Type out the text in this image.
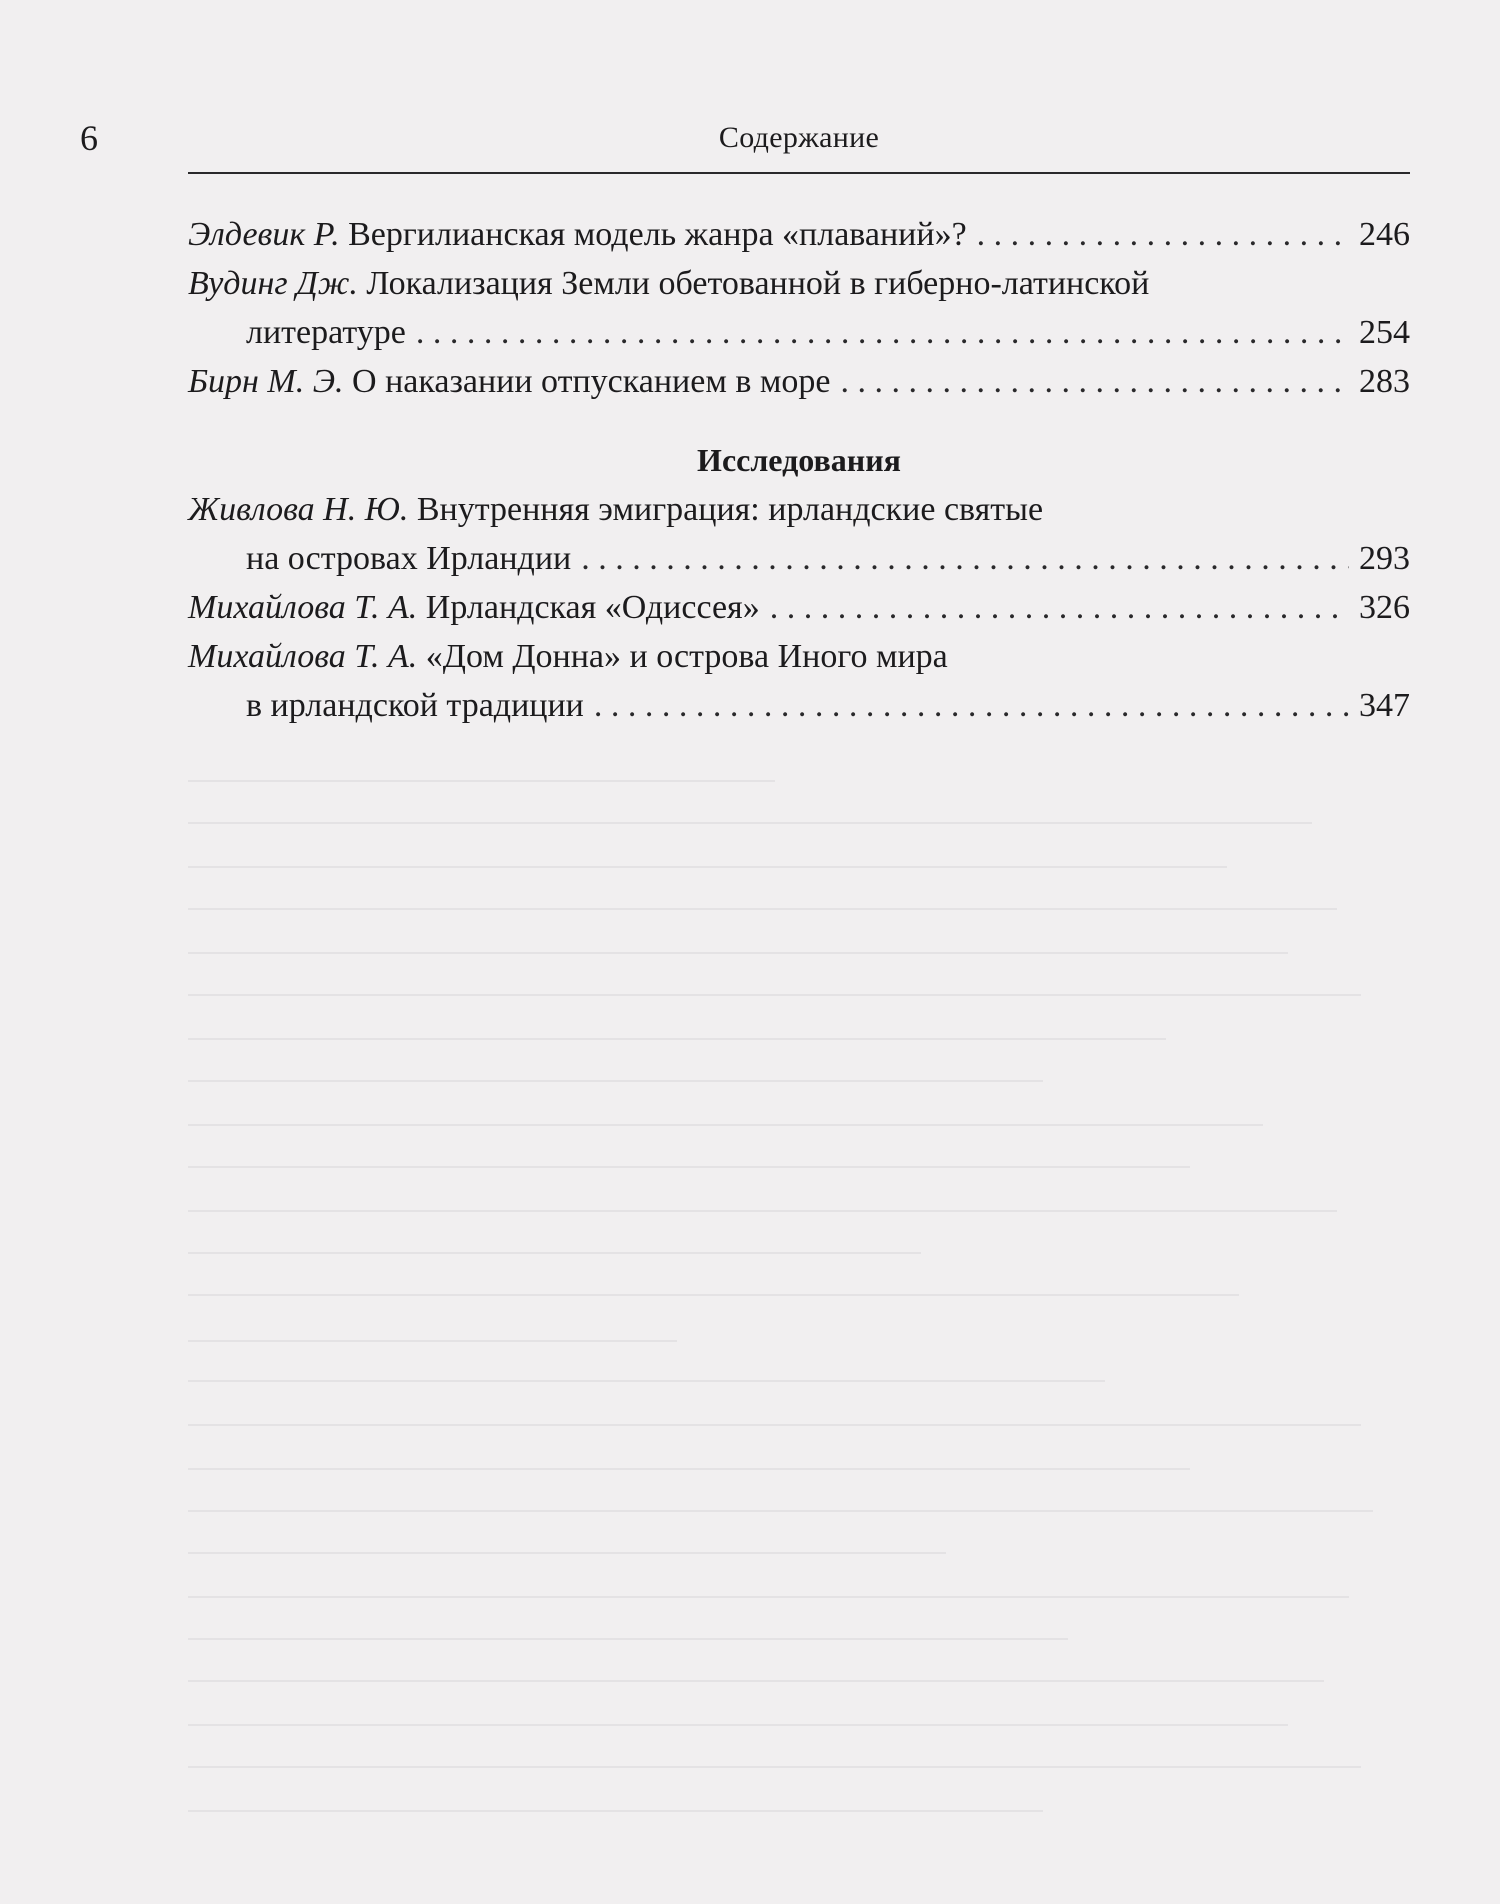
6	Содержание
Элдевик Р. Вергилианская модель жанра «плаваний»? . . .	246
Вудинг Дж. Локализация Земли обетованной в гиберно-латинской
литературе . . .	254
Бирн М. Э. О наказании отпусканием в море . . .	283
Исследования
Живлова Н. Ю. Внутренняя эмиграция: ирландские святые
на островах Ирландии . . .	293
Михайлова Т. А. Ирландская «Одиссея» . . .	326
Михайлова Т. А. «Дом Донна» и острова Иного мира
в ирландской традиции . . .	347
